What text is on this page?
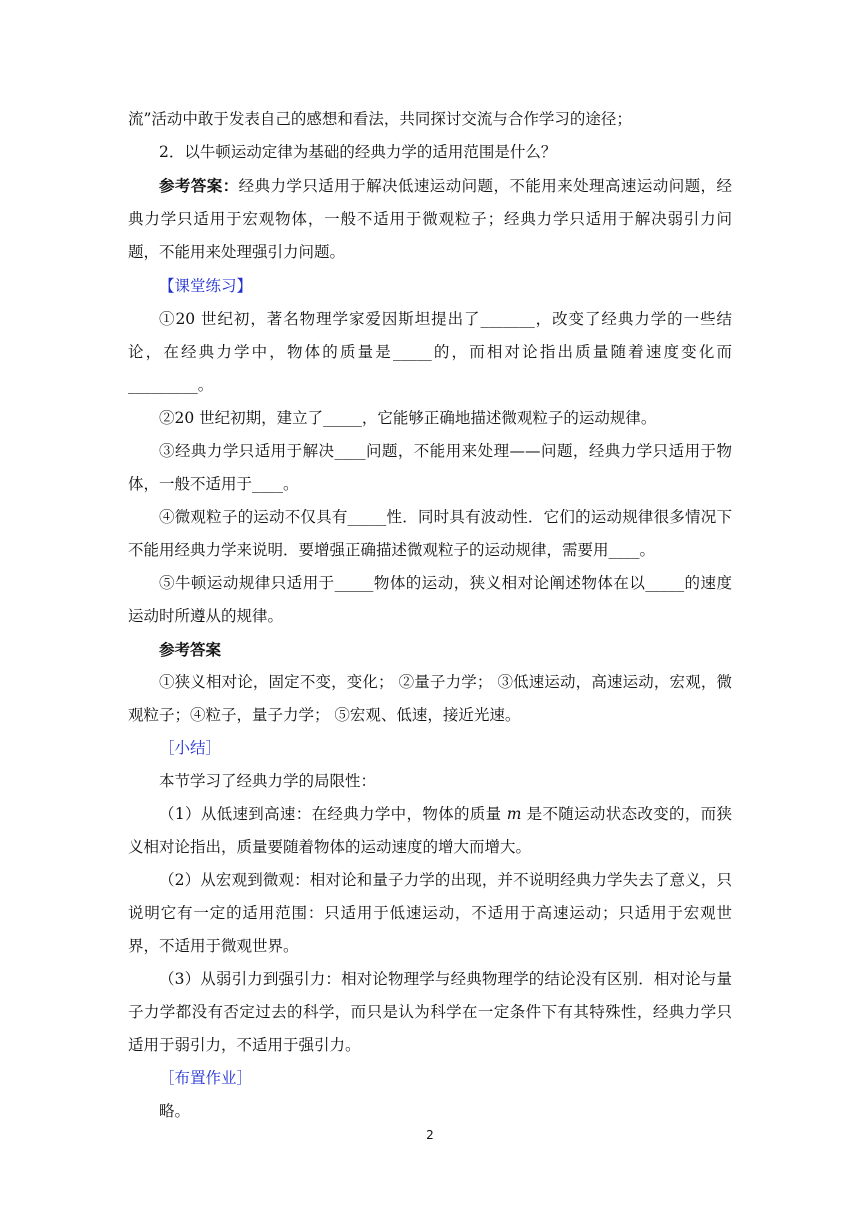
流”活动中敢于发表自己的感想和看法，共同探讨交流与合作学习的途径；

2．以牛顿运动定律为基础的经典力学的适用范围是什么？

参考答案：经典力学只适用于解决低速运动问题，不能用来处理高速运动问题，经典力学只适用于宏观物体，一般不适用于微观粒子；经典力学只适用于解决弱引力问题，不能用来处理强引力问题。

【课堂练习】

①20 世纪初，著名物理学家爱因斯坦提出了_______，改变了经典力学的一些结论，在经典力学中，物体的质量是_____的，而相对论指出质量随着速度变化而_________。

②20 世纪初期，建立了_____，它能够正确地描述微观粒子的运动规律。

③经典力学只适用于解决____问题，不能用来处理——问题，经典力学只适用于物体，一般不适用于____。

④微观粒子的运动不仅具有_____性．同时具有波动性．它们的运动规律很多情况下不能用经典力学来说明．要增强正确描述微观粒子的运动规律，需要用____。

⑤牛顿运动规律只适用于_____物体的运动，狭义相对论阐述物体在以_____的速度运动时所遵从的规律。

参考答案

①狭义相对论，固定不变，变化； ②量子力学； ③低速运动，高速运动，宏观，微观粒子；④粒子，量子力学； ⑤宏观、低速，接近光速。

［小结］

本节学习了经典力学的局限性：

（1）从低速到高速：在经典力学中，物体的质量 m 是不随运动状态改变的，而狭义相对论指出，质量要随着物体的运动速度的增大而增大。

（2）从宏观到微观：相对论和量子力学的出现，并不说明经典力学失去了意义，只说明它有一定的适用范围：只适用于低速运动，不适用于高速运动；只适用于宏观世界，不适用于微观世界。

（3）从弱引力到强引力：相对论物理学与经典物理学的结论没有区别．相对论与量子力学都没有否定过去的科学，而只是认为科学在一定条件下有其特殊性，经典力学只适用于弱引力，不适用于强引力。

［布置作业］

略。

2
